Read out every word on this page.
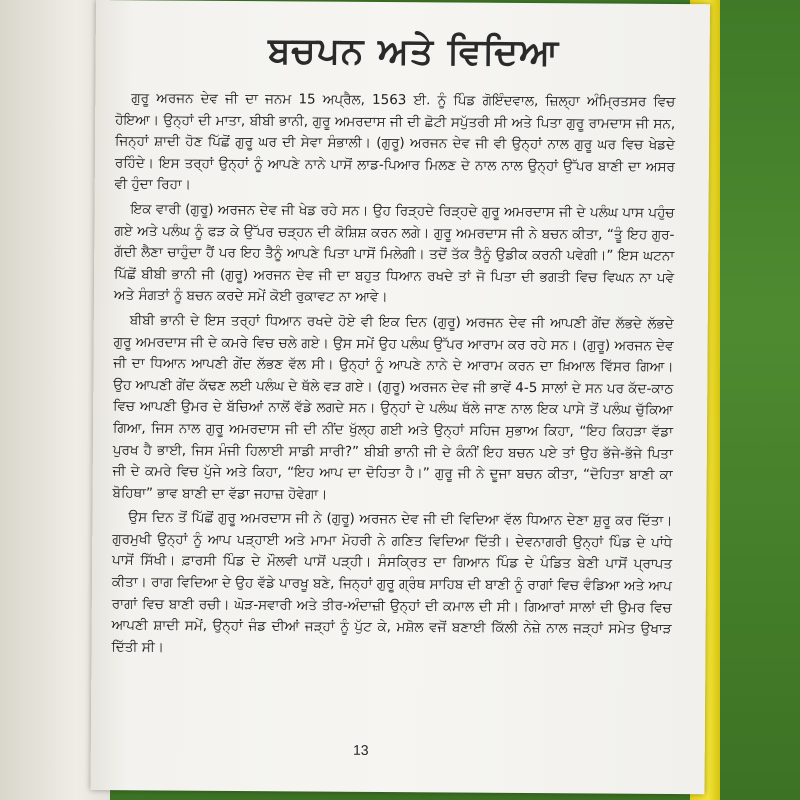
ਬਚਪਨ ਅਤੇ ਵਿਦਿਆ

ਗੁਰੂ ਅਰਜਨ ਦੇਵ ਜੀ ਦਾ ਜਨਮ 15 ਅਪ੍ਰੈਲ, 1563 ਈ. ਨੂੰ ਪਿੰਡ ਗੋਇੰਦਵਾਲ, ਜ਼ਿਲ੍ਹਾ ਅੰਮ੍ਰਿਤਸਰ ਵਿਚ ਹੋਇਆ। ਉਨ੍ਹਾਂ ਦੀ ਮਾਤਾ, ਬੀਬੀ ਭਾਨੀ, ਗੁਰੂ ਅਮਰਦਾਸ ਜੀ ਦੀ ਛੋਟੀ ਸਪੁੱਤਰੀ ਸੀ ਅਤੇ ਪਿਤਾ ਗੁਰੂ ਰਾਮਦਾਸ ਜੀ ਸਨ, ਜਿਨ੍ਹਾਂ ਸ਼ਾਦੀ ਹੋਣ ਪਿੱਛੋਂ ਗੁਰੂ ਘਰ ਦੀ ਸੇਵਾ ਸੰਭਾਲੀ। (ਗੁਰੂ) ਅਰਜਨ ਦੇਵ ਜੀ ਵੀ ਉਨ੍ਹਾਂ ਨਾਲ ਗੁਰੂ ਘਰ ਵਿਚ ਖੇਡਦੇ ਰਹਿੰਦੇ। ਇਸ ਤਰ੍ਹਾਂ ਉਨ੍ਹਾਂ ਨੂੰ ਆਪਣੇ ਨਾਨੇ ਪਾਸੋਂ ਲਾਡ-ਪਿਆਰ ਮਿਲਣ ਦੇ ਨਾਲ ਨਾਲ ਉਨ੍ਹਾਂ ਉੱਪਰ ਬਾਣੀ ਦਾ ਅਸਰ ਵੀ ਹੁੰਦਾ ਰਿਹਾ।

ਇਕ ਵਾਰੀ (ਗੁਰੂ) ਅਰਜਨ ਦੇਵ ਜੀ ਖੇਡ ਰਹੇ ਸਨ। ਉਹ ਰਿੜ੍ਹਦੇ ਰਿੜ੍ਹਦੇ ਗੁਰੂ ਅਮਰਦਾਸ ਜੀ ਦੇ ਪਲੰਘ ਪਾਸ ਪਹੁੰਚ ਗਏ ਅਤੇ ਪਲੰਘ ਨੂੰ ਫੜ ਕੇ ਉੱਪਰ ਚੜ੍ਹਨ ਦੀ ਕੋਸ਼ਿਸ਼ ਕਰਨ ਲਗੇ। ਗੁਰੂ ਅਮਰਦਾਸ ਜੀ ਨੇ ਬਚਨ ਕੀਤਾ, “ਤੂੰ ਇਹ ਗੁਰ-ਗੱਦੀ ਲੈਣਾ ਚਾਹੁੰਦਾ ਹੈਂ ਪਰ ਇਹ ਤੈਨੂੰ ਆਪਣੇ ਪਿਤਾ ਪਾਸੋਂ ਮਿਲੇਗੀ। ਤਦੋਂ ਤੱਕ ਤੈਨੂੰ ਉਡੀਕ ਕਰਨੀ ਪਵੇਗੀ।” ਇਸ ਘਟਨਾ ਪਿੱਛੋਂ ਬੀਬੀ ਭਾਨੀ ਜੀ (ਗੁਰੂ) ਅਰਜਨ ਦੇਵ ਜੀ ਦਾ ਬਹੁਤ ਧਿਆਨ ਰਖਦੇ ਤਾਂ ਜੋ ਪਿਤਾ ਦੀ ਭਗਤੀ ਵਿਚ ਵਿਘਨ ਨਾ ਪਵੇ ਅਤੇ ਸੰਗਤਾਂ ਨੂੰ ਬਚਨ ਕਰਦੇ ਸਮੇਂ ਕੋਈ ਰੁਕਾਵਟ ਨਾ ਆਵੇ।

ਬੀਬੀ ਭਾਨੀ ਦੇ ਇਸ ਤਰ੍ਹਾਂ ਧਿਆਨ ਰਖਦੇ ਹੋਏ ਵੀ ਇਕ ਦਿਨ (ਗੁਰੂ) ਅਰਜਨ ਦੇਵ ਜੀ ਆਪਣੀ ਗੇਂਦ ਲੱਭਦੇ ਲੱਭਦੇ ਗੁਰੂ ਅਮਰਦਾਸ ਜੀ ਦੇ ਕਮਰੇ ਵਿਚ ਚਲੇ ਗਏ। ਉਸ ਸਮੇਂ ਉਹ ਪਲੰਘ ਉੱਪਰ ਆਰਾਮ ਕਰ ਰਹੇ ਸਨ। (ਗੁਰੂ) ਅਰਜਨ ਦੇਵ ਜੀ ਦਾ ਧਿਆਨ ਆਪਣੀ ਗੇਂਦ ਲੱਭਣ ਵੱਲ ਸੀ। ਉਨ੍ਹਾਂ ਨੂੰ ਆਪਣੇ ਨਾਨੇ ਦੇ ਆਰਾਮ ਕਰਨ ਦਾ ਖ਼ਿਆਲ ਵਿੱਸਰ ਗਿਆ। ਉਹ ਆਪਣੀ ਗੇਂਦ ਕੱਢਣ ਲਈ ਪਲੰਘ ਦੇ ਥੱਲੇ ਵੜ ਗਏ। (ਗੁਰੂ) ਅਰਜਨ ਦੇਵ ਜੀ ਭਾਵੇਂ 4-5 ਸਾਲਾਂ ਦੇ ਸਨ ਪਰ ਕੱਦ-ਕਾਠ ਵਿਚ ਆਪਣੀ ਉਮਰ ਦੇ ਬੱਚਿਆਂ ਨਾਲੋਂ ਵੱਡੇ ਲਗਦੇ ਸਨ। ਉਨ੍ਹਾਂ ਦੇ ਪਲੰਘ ਥੱਲੇ ਜਾਣ ਨਾਲ ਇਕ ਪਾਸੇ ਤੋਂ ਪਲੰਘ ਚੁੱਕਿਆ ਗਿਆ, ਜਿਸ ਨਾਲ ਗੁਰੂ ਅਮਰਦਾਸ ਜੀ ਦੀ ਨੀਂਦ ਖੁੱਲ੍ਹ ਗਈ ਅਤੇ ਉਨ੍ਹਾਂ ਸਹਿਜ ਸੁਭਾਅ ਕਿਹਾ, “ਇਹ ਕਿਹੜਾ ਵੱਡਾ ਪੁਰਖ ਹੈ ਭਾਈ, ਜਿਸ ਮੰਜੀ ਹਿਲਾਈ ਸਾਡੀ ਸਾਰੀ?” ਬੀਬੀ ਭਾਨੀ ਜੀ ਦੇ ਕੰਨੀਂ ਇਹ ਬਚਨ ਪਏ ਤਾਂ ਉਹ ਭੱਜੇ-ਭੱਜੇ ਪਿਤਾ ਜੀ ਦੇ ਕਮਰੇ ਵਿਚ ਪੁੱਜੇ ਅਤੇ ਕਿਹਾ, “ਇਹ ਆਪ ਦਾ ਦੋਹਿਤਾ ਹੈ।” ਗੁਰੂ ਜੀ ਨੇ ਦੂਜਾ ਬਚਨ ਕੀਤਾ, “ਦੋਹਿਤਾ ਬਾਣੀ ਕਾ ਬੋਹਿਥਾ” ਭਾਵ ਬਾਣੀ ਦਾ ਵੱਡਾ ਜਹਾਜ਼ ਹੋਵੇਗਾ।

ਉਸ ਦਿਨ ਤੋਂ ਪਿੱਛੋਂ ਗੁਰੂ ਅਮਰਦਾਸ ਜੀ ਨੇ (ਗੁਰੂ) ਅਰਜਨ ਦੇਵ ਜੀ ਦੀ ਵਿਦਿਆ ਵੱਲ ਧਿਆਨ ਦੇਣਾ ਸ਼ੁਰੂ ਕਰ ਦਿੱਤਾ। ਗੁਰਮੁਖੀ ਉਨ੍ਹਾਂ ਨੂੰ ਆਪ ਪੜ੍ਹਾਈ ਅਤੇ ਮਾਮਾ ਮੋਹਰੀ ਨੇ ਗਣਿਤ ਵਿਦਿਆ ਦਿੱਤੀ। ਦੇਵਨਾਗਰੀ ਉਨ੍ਹਾਂ ਪਿੰਡ ਦੇ ਪਾਂਧੇ ਪਾਸੋਂ ਸਿੱਖੀ। ਫ਼ਾਰਸੀ ਪਿੰਡ ਦੇ ਮੌਲਵੀ ਪਾਸੋਂ ਪੜ੍ਹੀ। ਸੰਸਕ੍ਰਿਤ ਦਾ ਗਿਆਨ ਪਿੰਡ ਦੇ ਪੰਡਿਤ ਬੇਣੀ ਪਾਸੋਂ ਪ੍ਰਾਪਤ ਕੀਤਾ। ਰਾਗ ਵਿਦਿਆ ਦੇ ਉਹ ਵੱਡੇ ਪਾਰਖੂ ਬਣੇ, ਜਿਨ੍ਹਾਂ ਗੁਰੂ ਗ੍ਰੰਥ ਸਾਹਿਬ ਦੀ ਬਾਣੀ ਨੂੰ ਰਾਗਾਂ ਵਿਚ ਵੰਡਿਆ ਅਤੇ ਆਪ ਰਾਗਾਂ ਵਿਚ ਬਾਣੀ ਰਚੀ। ਘੋੜ-ਸਵਾਰੀ ਅਤੇ ਤੀਰ-ਅੰਦਾਜ਼ੀ ਉਨ੍ਹਾਂ ਦੀ ਕਮਾਲ ਦੀ ਸੀ। ਗਿਆਰਾਂ ਸਾਲਾਂ ਦੀ ਉਮਰ ਵਿਚ ਆਪਣੀ ਸ਼ਾਦੀ ਸਮੇਂ, ਉਨ੍ਹਾਂ ਜੰਡ ਦੀਆਂ ਜੜ੍ਹਾਂ ਨੂੰ ਪੁੱਟ ਕੇ, ਮਸ਼ੋਲ ਵਜੋਂ ਬਣਾਈ ਕਿੱਲੀ ਨੇਜ਼ੇ ਨਾਲ ਜੜ੍ਹਾਂ ਸਮੇਤ ਉਖਾੜ ਦਿੱਤੀ ਸੀ।

13
